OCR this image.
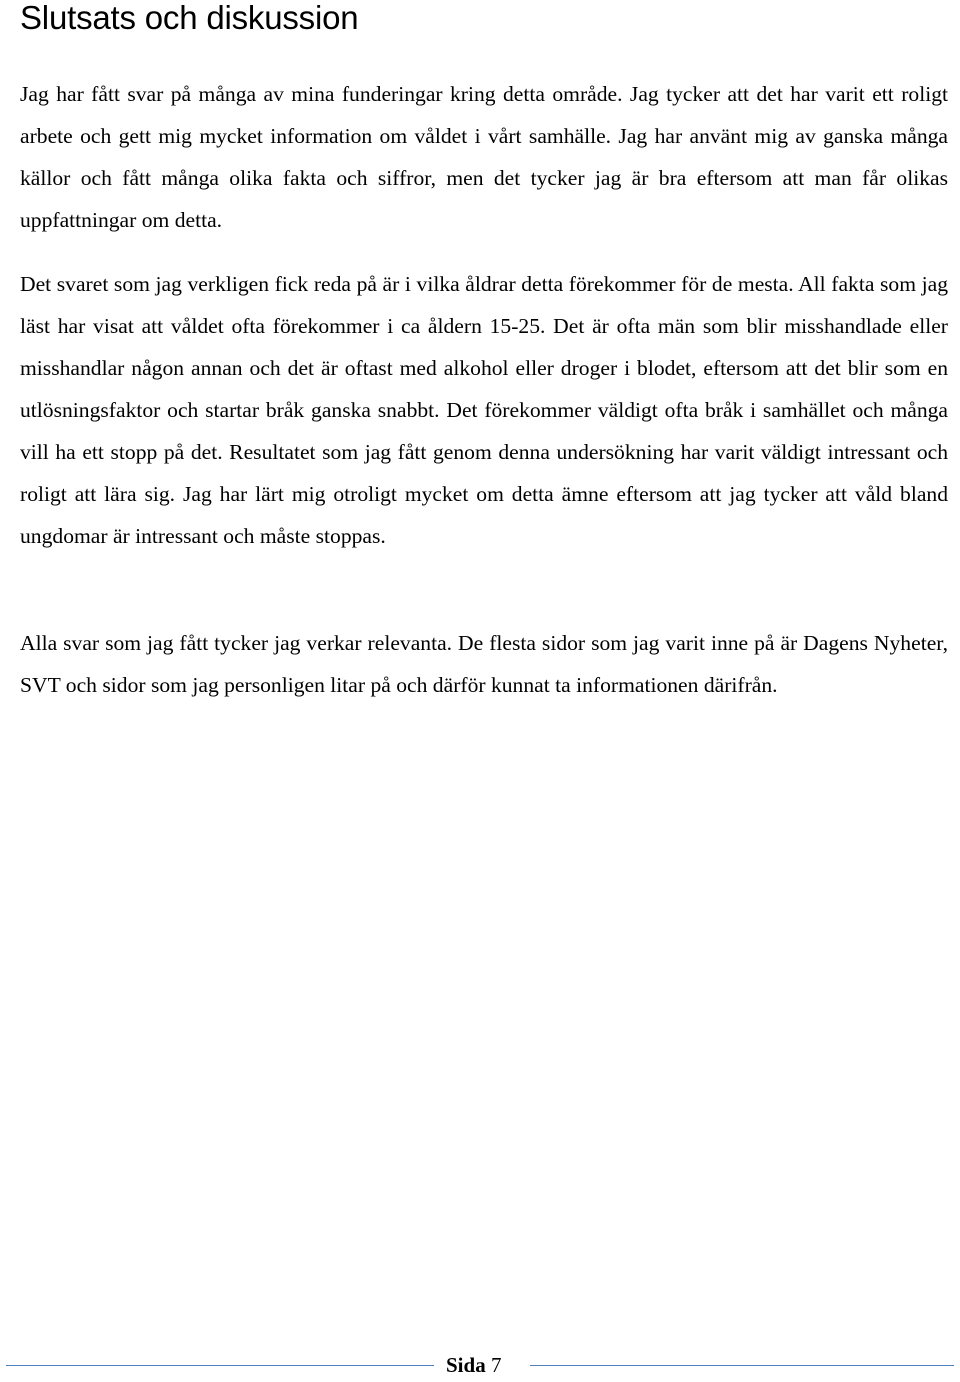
Slutsats och diskussion

Jag har fått svar på många av mina funderingar kring detta område. Jag tycker att det har varit ett roligt arbete och gett mig mycket information om våldet i vårt samhälle. Jag har använt mig av ganska många källor och fått många olika fakta och siffror, men det tycker jag är bra eftersom att man får olikas uppfattningar om detta.

Det svaret som jag verkligen fick reda på är i vilka åldrar detta förekommer för de mesta. All fakta som jag läst har visat att våldet ofta förekommer i ca åldern 15-25. Det är ofta män som blir misshandlade eller misshandlar någon annan och det är oftast med alkohol eller droger i blodet, eftersom att det blir som en utlösningsfaktor och startar bråk ganska snabbt. Det förekommer väldigt ofta bråk i samhället och många vill ha ett stopp på det. Resultatet som jag fått genom denna undersökning har varit väldigt intressant och roligt att lära sig. Jag har lärt mig otroligt mycket om detta ämne eftersom att jag tycker att våld bland ungdomar är intressant och måste stoppas.

Alla svar som jag fått tycker jag verkar relevanta. De flesta sidor som jag varit inne på är Dagens Nyheter, SVT och sidor som jag personligen litar på och därför kunnat ta informationen därifrån.

Sida 7
